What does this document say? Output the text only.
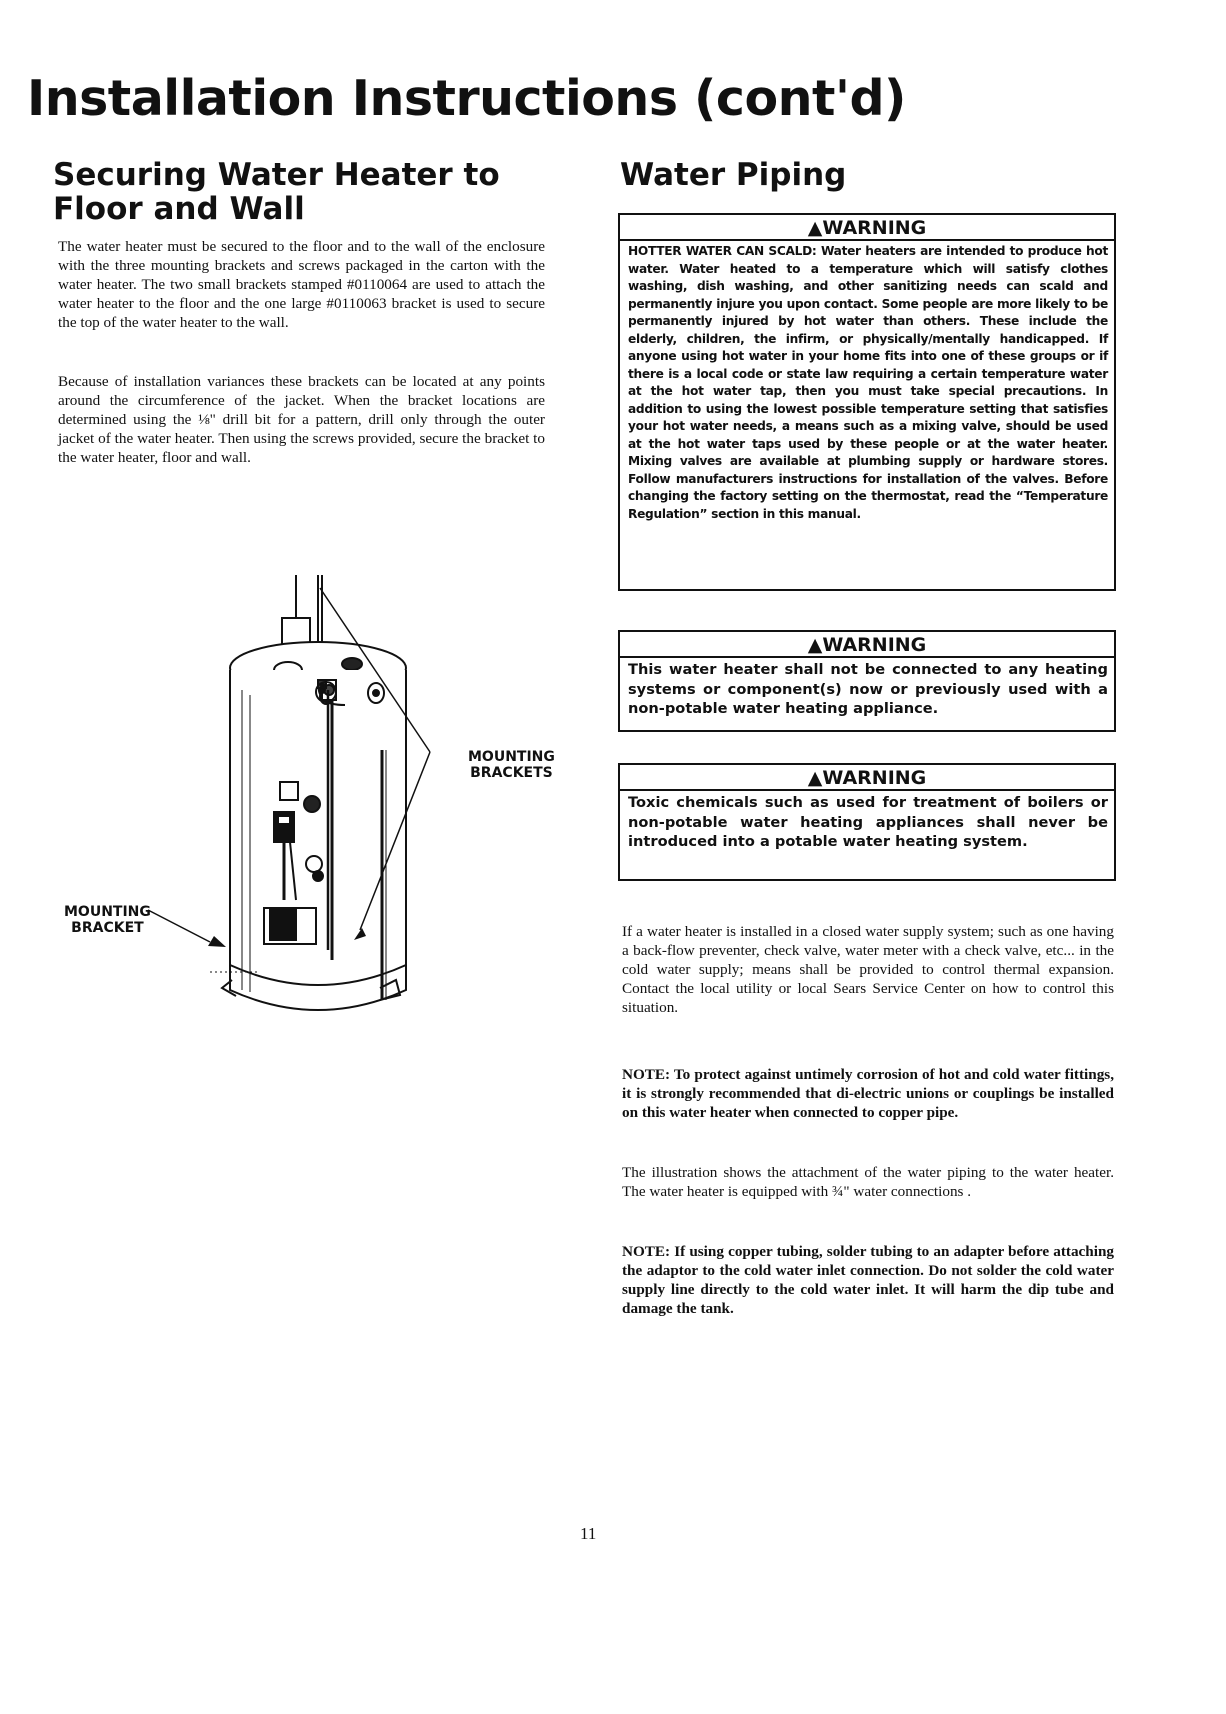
Installation Instructions (cont'd)
Securing Water Heater to
Floor and Wall

The water heater must be secured to the floor and to the wall of the enclosure with the three mounting brackets and screws packaged in the carton with the water heater. The two small brackets stamped #0110064 are used to attach the water heater to the floor and the one large #0110063 bracket is used to secure the top of the water heater to the wall.

Because of installation variances these brackets can be located at any points around the circumference of the jacket. When the bracket locations are determined using the ⅛" drill bit for a pattern, drill only through the outer jacket of the water heater. Then using the screws provided, secure the bracket to the water heater, floor and wall.

MOUNTING
BRACKETS
MOUNTING
BRACKET
Water Piping
▲WARNING
HOTTER WATER CAN SCALD: Water heaters are intended to produce hot water. Water heated to a temperature which will satisfy clothes washing, dish washing, and other sanitizing needs can scald and permanently injure you upon contact. Some people are more likely to be permanently injured by hot water than others. These include the elderly, children, the infirm, or physically/mentally handicapped. If anyone using hot water in your home fits into one of these groups or if there is a local code or state law requiring a certain temperature water at the hot water tap, then you must take special precautions. In addition to using the lowest possible temperature setting that satisfies your hot water needs, a means such as a mixing valve, should be used at the hot water taps used by these people or at the water heater. Mixing valves are available at plumbing supply or hardware stores. Follow manufacturers instructions for installation of the valves. Before changing the factory setting on the thermostat, read the “Temperature Regulation” section in this manual.
▲WARNING
This water heater shall not be connected to any heating systems or component(s) now or previously used with a non-potable water heating appliance.
▲WARNING
Toxic chemicals such as used for treatment of boilers or non-potable water heating appliances shall never be introduced into a potable water heating system.

If a water heater is installed in a closed water supply system; such as one having a back-flow preventer, check valve, water meter with a check valve, etc... in the cold water supply; means shall be provided to control thermal expansion. Contact the local utility or local Sears Service Center on how to control this situation.

NOTE: To protect against untimely corrosion of hot and cold water fittings, it is strongly recommended that di-electric unions or couplings be installed on this water heater when connected to copper pipe.

The illustration shows the attachment of the water piping to the water heater. The water heater is equipped with ¾" water connections .

NOTE: If using copper tubing, solder tubing to an adapter before attaching the adaptor to the cold water inlet connection. Do not solder the cold water supply line directly to the cold water inlet. It will harm the dip tube and damage the tank.

11
